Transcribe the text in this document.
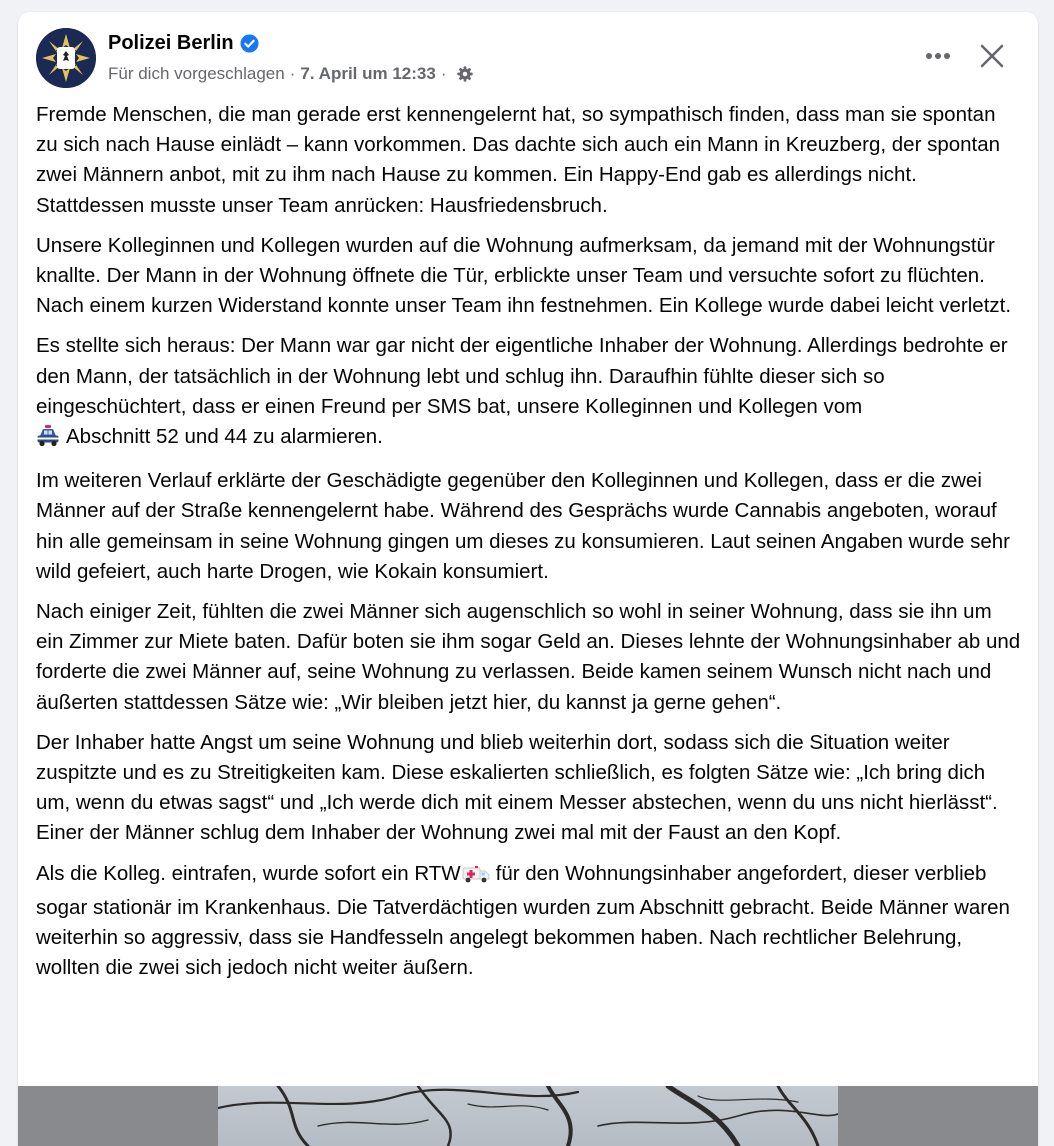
Polizei Berlin
Für dich vorgeschlagen · 7. April um 12:33 ·

Fremde Menschen, die man gerade erst kennengelernt hat, so sympathisch finden, dass man sie spontan zu sich nach Hause einlädt – kann vorkommen. Das dachte sich auch ein Mann in Kreuzberg, der spontan zwei Männern anbot, mit zu ihm nach Hause zu kommen. Ein Happy-End gab es allerdings nicht. Stattdessen musste unser Team anrücken: Hausfriedensbruch.

Unsere Kolleginnen und Kollegen wurden auf die Wohnung aufmerksam, da jemand mit der Wohnungstür knallte. Der Mann in der Wohnung öffnete die Tür, erblickte unser Team und versuchte sofort zu flüchten. Nach einem kurzen Widerstand konnte unser Team ihn festnehmen. Ein Kollege wurde dabei leicht verletzt.

Es stellte sich heraus: Der Mann war gar nicht der eigentliche Inhaber der Wohnung. Allerdings bedrohte er den Mann, der tatsächlich in der Wohnung lebt und schlug ihn. Daraufhin fühlte dieser sich so eingeschüchtert, dass er einen Freund per SMS bat, unsere Kolleginnen und Kollegen vom
Abschnitt 52 und 44 zu alarmieren.

Im weiteren Verlauf erklärte der Geschädigte gegenüber den Kolleginnen und Kollegen, dass er die zwei Männer auf der Straße kennengelernt habe. Während des Gesprächs wurde Cannabis angeboten, worauf hin alle gemeinsam in seine Wohnung gingen um dieses zu konsumieren. Laut seinen Angaben wurde sehr wild gefeiert, auch harte Drogen, wie Kokain konsumiert.

Nach einiger Zeit, fühlten die zwei Männer sich augenschlich so wohl in seiner Wohnung, dass sie ihn um ein Zimmer zur Miete baten. Dafür boten sie ihm sogar Geld an. Dieses lehnte der Wohnungsinhaber ab und forderte die zwei Männer auf, seine Wohnung zu verlassen. Beide kamen seinem Wunsch nicht nach und äußerten stattdessen Sätze wie: „Wir bleiben jetzt hier, du kannst ja gerne gehen“.

Der Inhaber hatte Angst um seine Wohnung und blieb weiterhin dort, sodass sich die Situation weiter zuspitzte und es zu Streitigkeiten kam. Diese eskalierten schließlich, es folgten Sätze wie: „Ich bring dich um, wenn du etwas sagst“ und „Ich werde dich mit einem Messer abstechen, wenn du uns nicht hierlässt“.
Einer der Männer schlug dem Inhaber der Wohnung zwei mal mit der Faust an den Kopf.

Als die Kolleg. eintrafen, wurde sofort ein RTW für den Wohnungsinhaber angefordert, dieser verblieb sogar stationär im Krankenhaus. Die Tatverdächtigen wurden zum Abschnitt gebracht. Beide Männer waren weiterhin so aggressiv, dass sie Handfesseln angelegt bekommen haben. Nach rechtlicher Belehrung, wollten die zwei sich jedoch nicht weiter äußern.
